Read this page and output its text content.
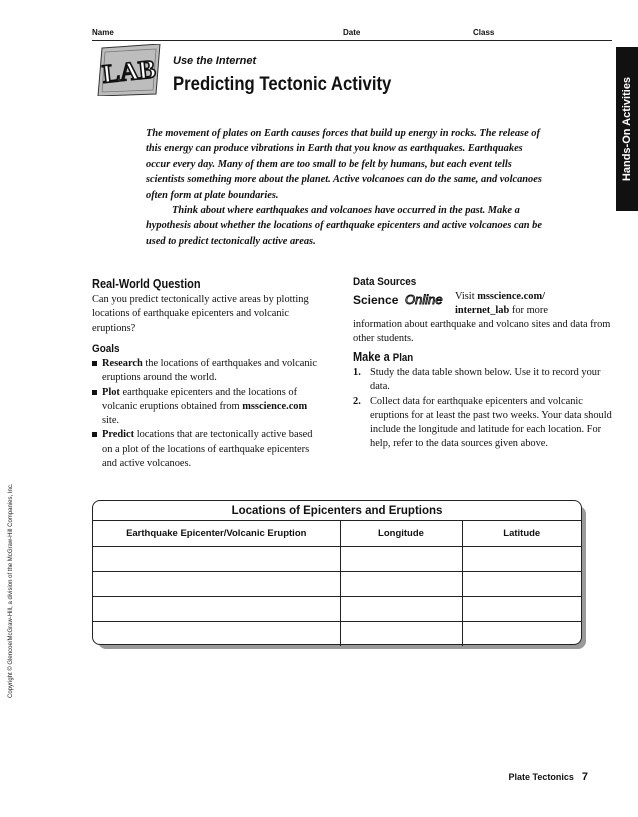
Name	Date	Class
Hands-On Activities
Copyright © Glencoe/McGraw-Hill, a division of the McGraw-Hill Companies, Inc.
LAB Use the Internet
Predicting Tectonic Activity

The movement of plates on Earth causes forces that build up energy in rocks. The release of this energy can produce vibrations in Earth that you know as earthquakes. Earthquakes occur every day. Many of them are too small to be felt by humans, but each event tells scientists something more about the planet. Active volcanoes can do the same, and volcanoes often form at plate boundaries.

Think about where earthquakes and volcanoes have occurred in the past. Make a hypothesis about whether the locations of earthquake epicenters and active volcanoes can be used to predict tectonically active areas.

Real-World Question
Can you predict tectonically active areas by plotting locations of earthquake epicenters and volcanic eruptions?
Goals
Research the locations of earthquakes and volcanic eruptions around the world.
Plot earthquake epicenters and the locations of volcanic eruptions obtained from msscience.com site.
Predict locations that are tectonically active based on a plot of the locations of earthquake epicenters and active volcanoes.
Data Sources
Science Online Visit msscience.com/
internet_lab for more
information about earthquake and volcano sites and data from other students.
Make a Plan
1. Study the data table shown below. Use it to record your data.
2. Collect data for earthquake epicenters and volcanic eruptions for at least the past two weeks. Your data should include the longitude and latitude for each location. For help, refer to the data sources given above.
Locations of Epicenters and Eruptions
Earthquake Epicenter/Volcanic Eruption	Longitude	Latitude

Plate Tectonics 7
